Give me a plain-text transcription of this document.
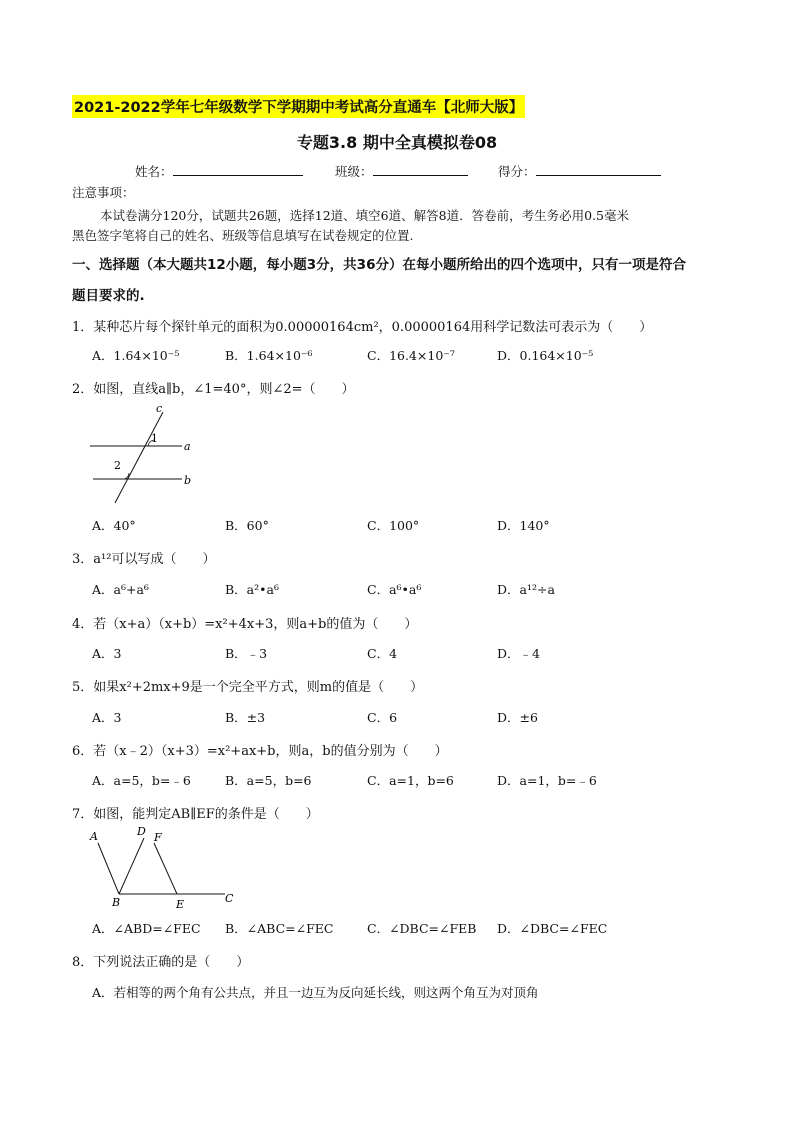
2021-2022学年七年级数学下学期期中考试高分直通车【北师大版】
专题3.8 期中全真模拟卷08
姓名：	班级：	得分：
注意事项：
本试卷满分120分，试题共26题，选择12道、填空6道、解答8道．答卷前，考生务必用0.5毫米
黑色签字笔将自己的姓名、班级等信息填写在试卷规定的位置.
一、选择题（本大题共12小题，每小题3分，共36分）在每小题所给出的四个选项中，只有一项是符合
题目要求的.
1．某种芯片每个探针单元的面积为0.00000164cm²，0.00000164用科学记数法可表示为（　　）
A．1.64×10⁻⁵	B．1.64×10⁻⁶	C．16.4×10⁻⁷	D．0.164×10⁻⁵
2．如图，直线a∥b，∠1=40°，则∠2=（　　）
c
1
a
2
b
A．40°	B．60°	C．100°	D．140°
3．a¹²可以写成（　　）
A．a⁶+a⁶	B．a²•a⁶	C．a⁶•a⁶	D．a¹²÷a
4．若（x+a）（x+b）=x²+4x+3，则a+b的值为（　　）
A．3	B．﹣3	C．4	D．﹣4
5．如果x²+2mx+9是一个完全平方式，则m的值是（　　）
A．3	B．±3	C．6	D．±6
6．若（x﹣2）（x+3）=x²+ax+b，则a，b的值分别为（　　）
A．a=5，b=﹣6	B．a=5，b=6	C．a=1，b=6	D．a=1，b=﹣6
7．如图，能判定AB∥EF的条件是（　　）
A	D F
B	E	C
A．∠ABD=∠FEC B．∠ABC=∠FEC	C．∠DBC=∠FEB D．∠DBC=∠FEC
8．下列说法正确的是（　　）
A．若相等的两个角有公共点，并且一边互为反向延长线，则这两个角互为对顶角
